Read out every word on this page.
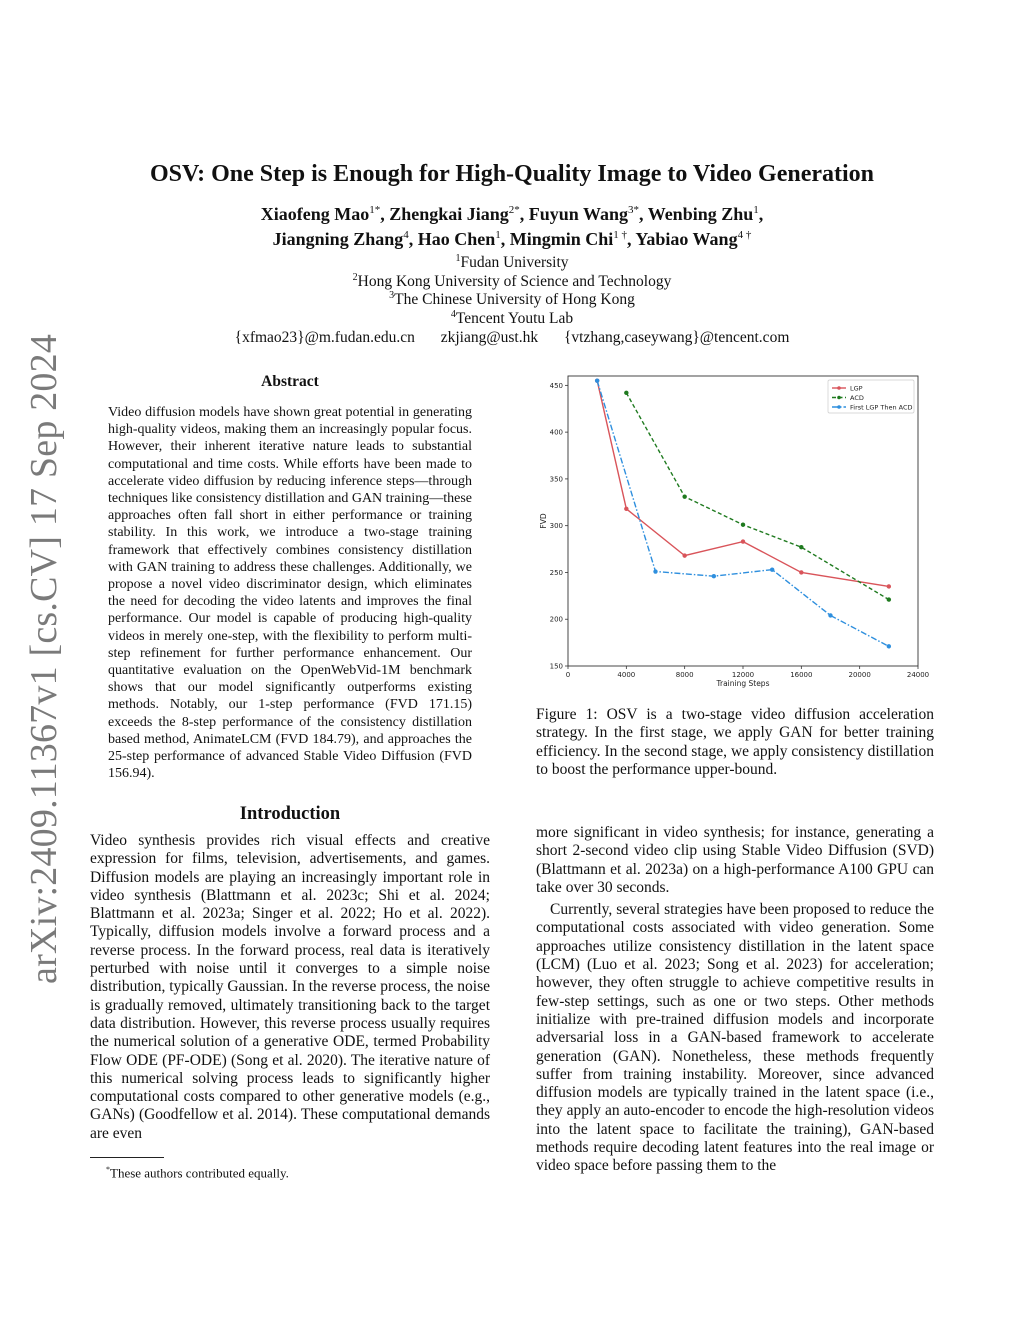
arXiv:2409.11367v1 [cs.CV] 17 Sep 2024
OSV: One Step is Enough for High-Quality Image to Video Generation
Xiaofeng Mao$^{1*}$, Zhengkai Jiang$^{2*}$, Fuyun Wang$^{3*}$, Wenbing Zhu$^1$,
Jiangning Zhang$^4$, Hao Chen$^1$, Mingmin Chi$^{1 \dagger}$, Yabiao Wang$^{4 \dagger}$
$^1$Fudan University
$^2$Hong Kong University of Science and Technology
$^3$The Chinese University of Hong Kong
$^4$Tencent Youtu Lab
{xfmao23}@m.fudan.edu.cn zkjiang@ust.hk {vtzhang,caseywang}@tencent.com
Abstract
Video diffusion models have shown great potential in generating high-quality videos, making them an increasingly popular focus. However, their inherent iterative nature leads to substantial computational and time costs. While efforts have been made to accelerate video diffusion by reducing inference steps—through techniques like consistency distillation and GAN training—these approaches often fall short in either performance or training stability. In this work, we introduce a two-stage training framework that effectively combines consistency distillation with GAN training to address these challenges. Additionally, we propose a novel video discriminator design, which eliminates the need for decoding the video latents and improves the final performance. Our model is capable of producing high-quality videos in merely one-step, with the flexibility to perform multi-step refinement for further performance enhancement. Our quantitative evaluation on the OpenWebVid-1M benchmark shows that our model significantly outperforms existing methods. Notably, our 1-step performance (FVD 171.15) exceeds the 8-step performance of the consistency distillation based method, AnimateLCM (FVD 184.79), and approaches the 25-step performance of advanced Stable Video Diffusion (FVD 156.94).
Introduction
Video synthesis provides rich visual effects and creative expression for films, television, advertisements, and games. Diffusion models are playing an increasingly important role in video synthesis (Blattmann et al. 2023c; Shi et al. 2024; Blattmann et al. 2023a; Singer et al. 2022; Ho et al. 2022). Typically, diffusion models involve a forward process and a reverse process. In the forward process, real data is iteratively perturbed with noise until it converges to a simple noise distribution, typically Gaussian. In the reverse process, the noise is gradually removed, ultimately transitioning back to the target data distribution. However, this reverse process usually requires the numerical solution of a generative ODE, termed Probability Flow ODE (PF-ODE) (Song et al. 2020). The iterative nature of this numerical solving process leads to significantly higher computational costs compared to other generative models (e.g., GANs) (Goodfellow et al. 2014). These computational demands are even
*These authors contributed equally.
0	4000	8000	12000	16000	20000	24000
150
200
250
300
350
400
450
Training Steps
FVD
LGP
ACD
First LGP Then ACD
Figure 1: OSV is a two-stage video diffusion acceleration strategy. In the first stage, we apply GAN for better training efficiency. In the second stage, we apply consistency distillation to boost the performance upper-bound.

more significant in video synthesis; for instance, generating a short 2-second video clip using Stable Video Diffusion (SVD) (Blattmann et al. 2023a) on a high-performance A100 GPU can take over 30 seconds.

Currently, several strategies have been proposed to reduce the computational costs associated with video generation. Some approaches utilize consistency distillation in the latent space (LCM) (Luo et al. 2023; Song et al. 2023) for acceleration; however, they often struggle to achieve competitive results in few-step settings, such as one or two steps. Other methods initialize with pre-trained diffusion models and incorporate adversarial loss in a GAN-based framework to accelerate generation (GAN). Nonetheless, these methods frequently suffer from training instability. Moreover, since advanced diffusion models are typically trained in the latent space (i.e., they apply an auto-encoder to encode the high-resolution videos into the latent space to facilitate the training), GAN-based methods require decoding latent features into the real image or video space before passing them to the
